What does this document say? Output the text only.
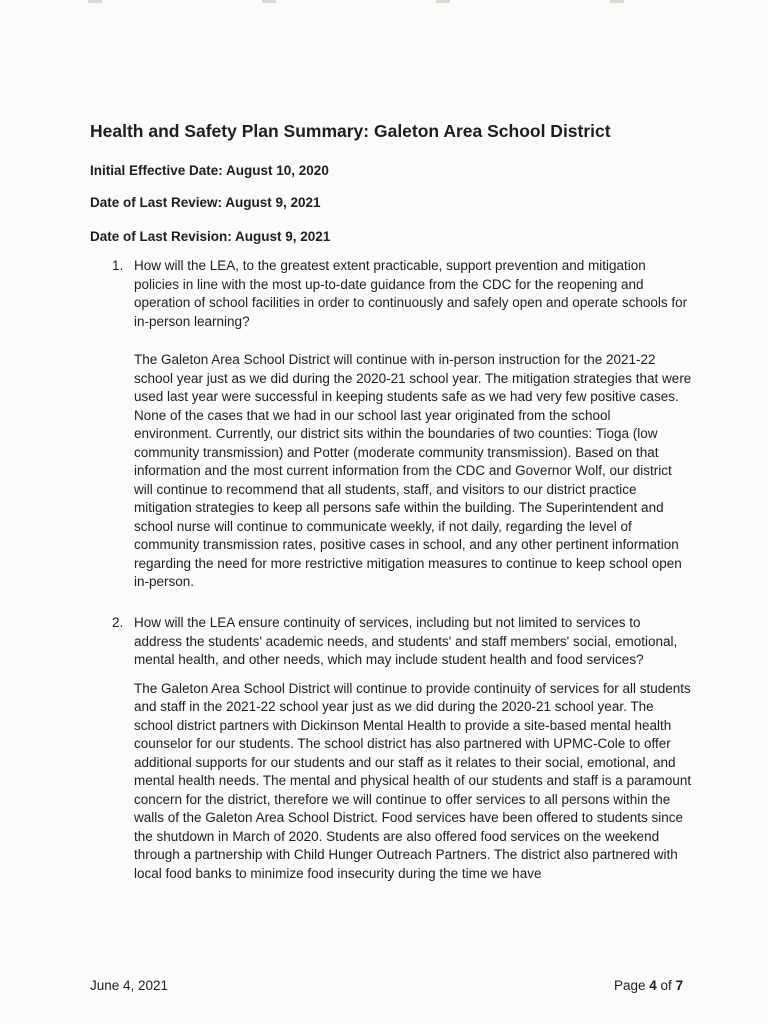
Health and Safety Plan Summary: Galeton Area School District
Initial Effective Date: August 10, 2020
Date of Last Review: August 9, 2021
Date of Last Revision: August 9, 2021
1. How will the LEA, to the greatest extent practicable, support prevention and mitigation policies in line with the most up-to-date guidance from the CDC for the reopening and operation of school facilities in order to continuously and safely open and operate schools for in-person learning?

The Galeton Area School District will continue with in-person instruction for the 2021-22 school year just as we did during the 2020-21 school year. The mitigation strategies that were used last year were successful in keeping students safe as we had very few positive cases. None of the cases that we had in our school last year originated from the school environment. Currently, our district sits within the boundaries of two counties: Tioga (low community transmission) and Potter (moderate community transmission). Based on that information and the most current information from the CDC and Governor Wolf, our district will continue to recommend that all students, staff, and visitors to our district practice mitigation strategies to keep all persons safe within the building. The Superintendent and school nurse will continue to communicate weekly, if not daily, regarding the level of community transmission rates, positive cases in school, and any other pertinent information regarding the need for more restrictive mitigation measures to continue to keep school open in-person.

2. How will the LEA ensure continuity of services, including but not limited to services to address the students' academic needs, and students' and staff members' social, emotional, mental health, and other needs, which may include student health and food services?

The Galeton Area School District will continue to provide continuity of services for all students and staff in the 2021-22 school year just as we did during the 2020-21 school year. The school district partners with Dickinson Mental Health to provide a site-based mental health counselor for our students. The school district has also partnered with UPMC-Cole to offer additional supports for our students and our staff as it relates to their social, emotional, and mental health needs. The mental and physical health of our students and staff is a paramount concern for the district, therefore we will continue to offer services to all persons within the walls of the Galeton Area School District. Food services have been offered to students since the shutdown in March of 2020. Students are also offered food services on the weekend through a partnership with Child Hunger Outreach Partners. The district also partnered with local food banks to minimize food insecurity during the time we have

June 4, 2021	Page 4 of 7
